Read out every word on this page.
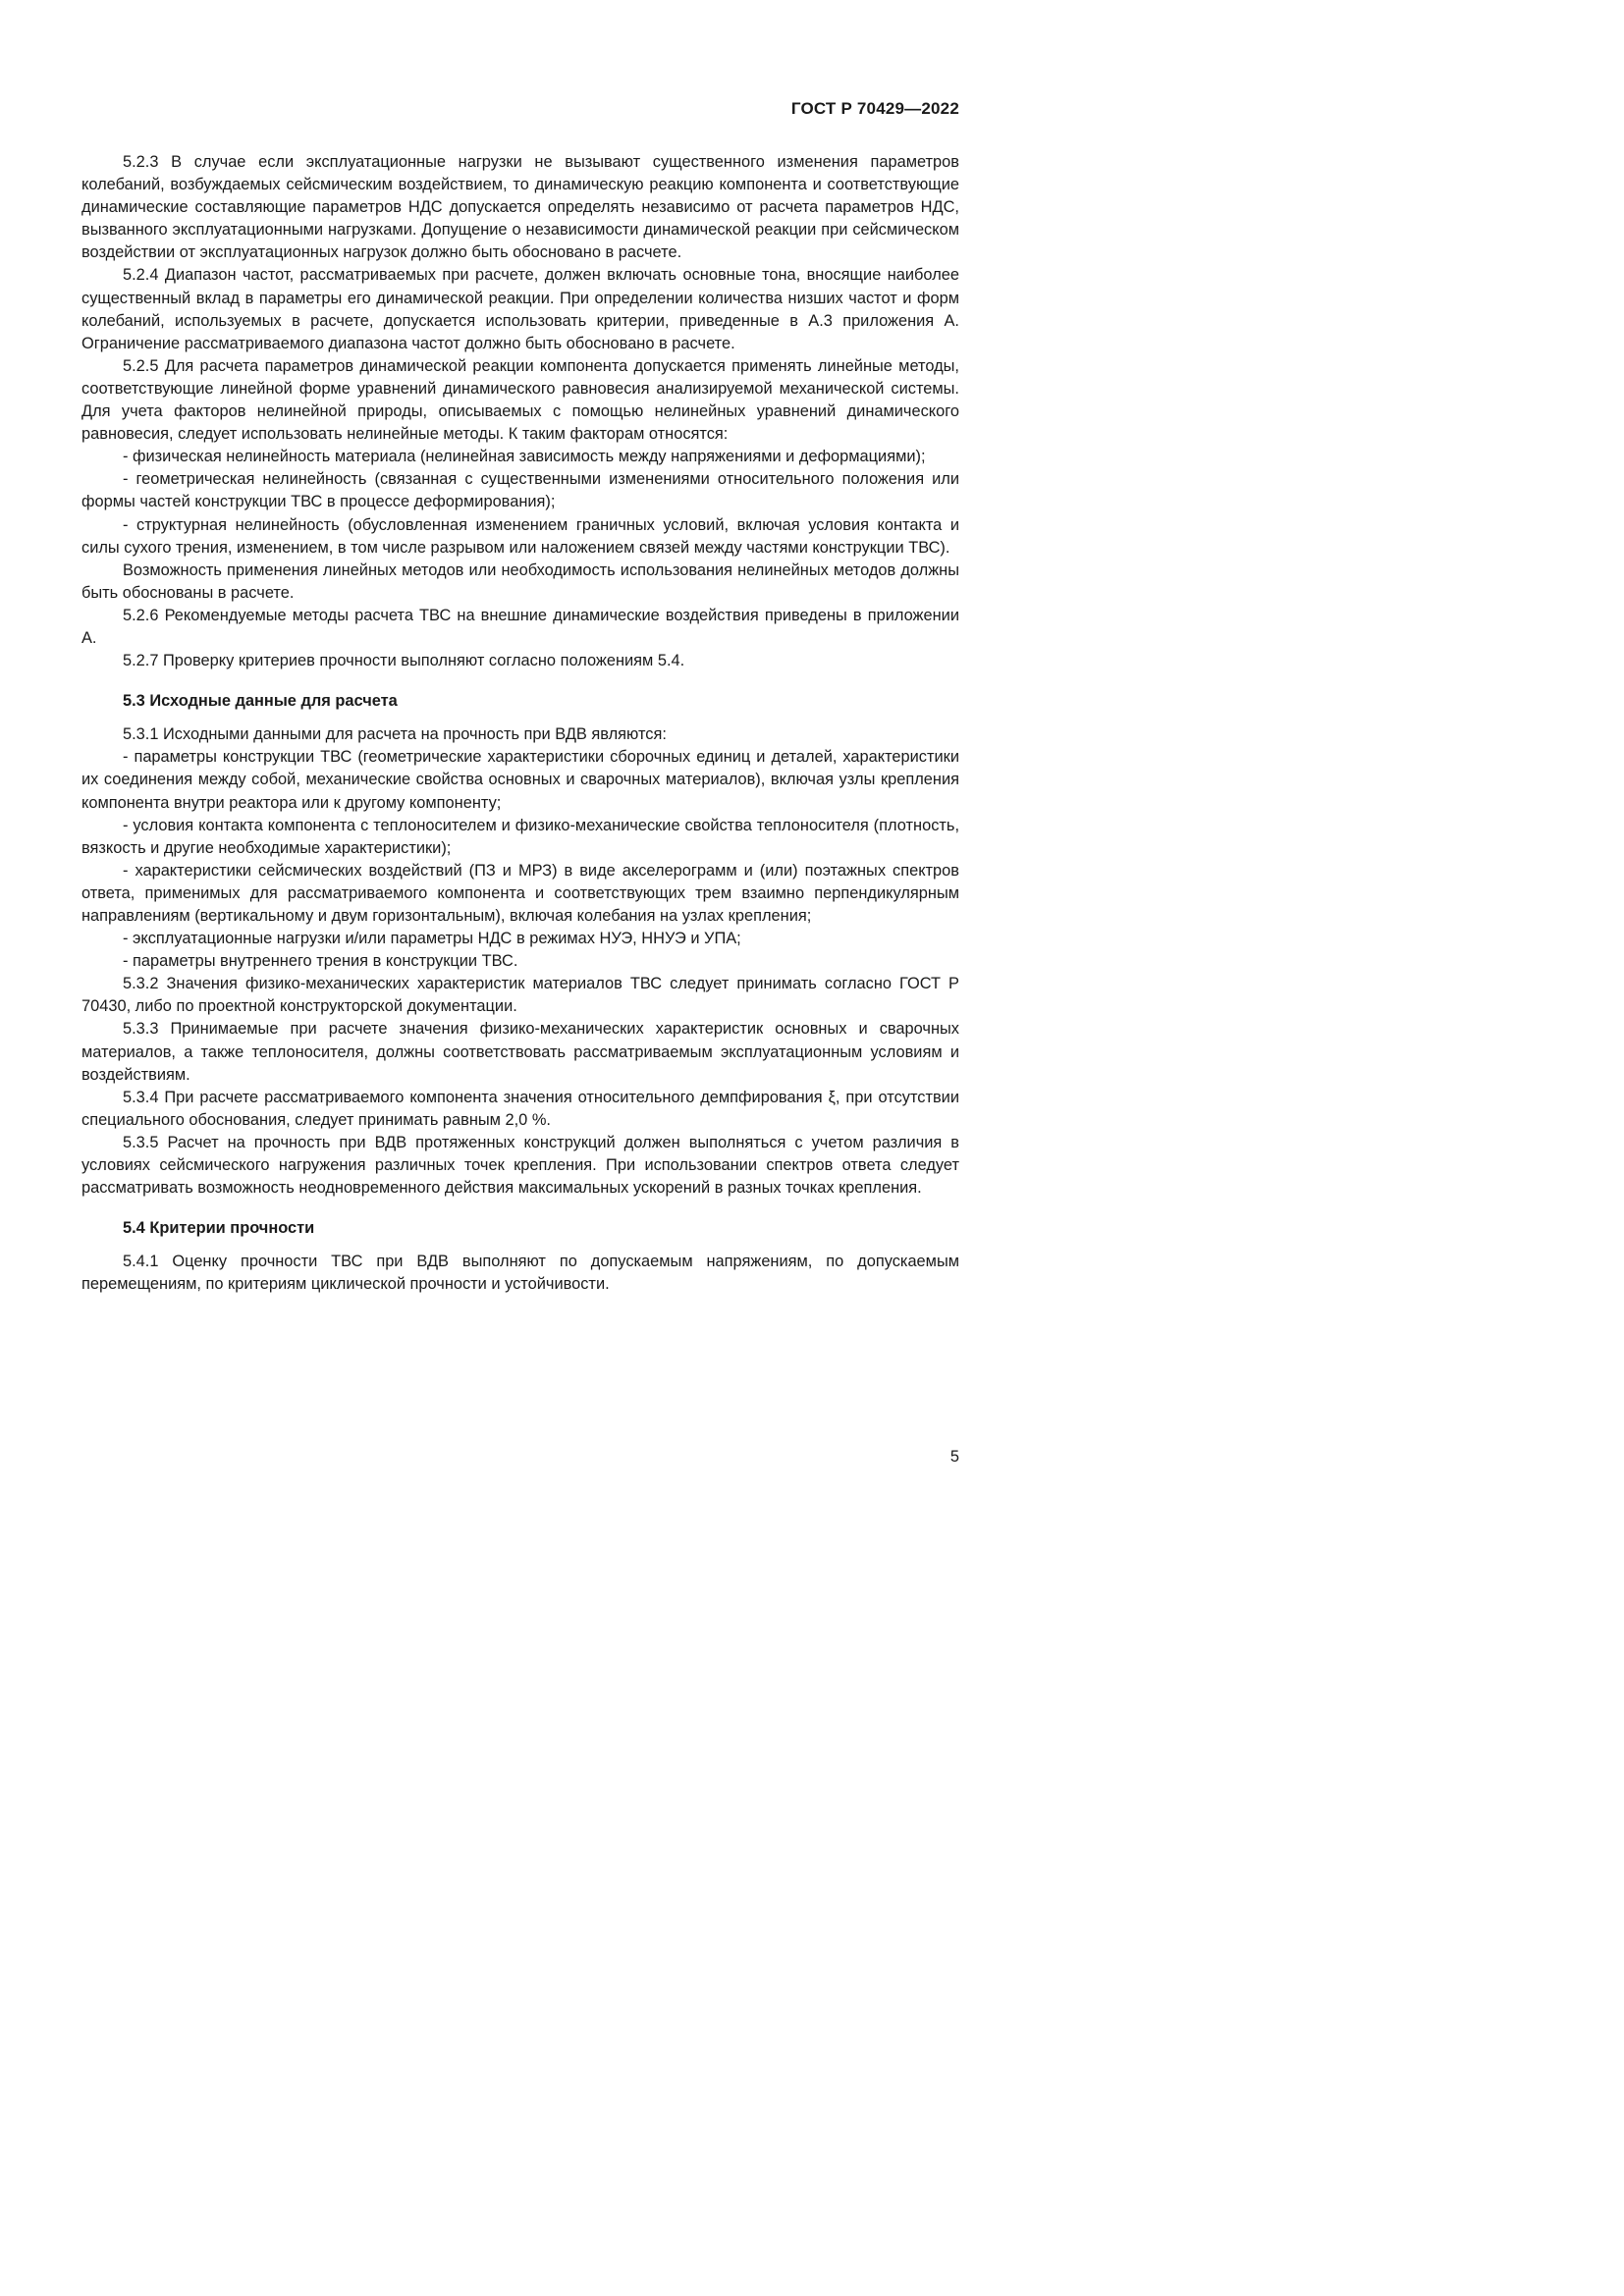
ГОСТ Р 70429—2022

5.2.3 В случае если эксплуатационные нагрузки не вызывают существенного изменения параметров колебаний, возбуждаемых сейсмическим воздействием, то динамическую реакцию компонента и соответствующие динамические составляющие параметров НДС допускается определять независимо от расчета параметров НДС, вызванного эксплуатационными нагрузками. Допущение о независимости динамической реакции при сейсмическом воздействии от эксплуатационных нагрузок должно быть обосновано в расчете.

5.2.4 Диапазон частот, рассматриваемых при расчете, должен включать основные тона, вносящие наиболее существенный вклад в параметры его динамической реакции. При определении количества низших частот и форм колебаний, используемых в расчете, допускается использовать критерии, приведенные в А.3 приложения А. Ограничение рассматриваемого диапазона частот должно быть обосновано в расчете.

5.2.5 Для расчета параметров динамической реакции компонента допускается применять линейные методы, соответствующие линейной форме уравнений динамического равновесия анализируемой механической системы. Для учета факторов нелинейной природы, описываемых с помощью нелинейных уравнений динамического равновесия, следует использовать нелинейные методы. К таким факторам относятся:

- физическая нелинейность материала (нелинейная зависимость между напряжениями и деформациями);

- геометрическая нелинейность (связанная с существенными изменениями относительного положения или формы частей конструкции ТВС в процессе деформирования);

- структурная нелинейность (обусловленная изменением граничных условий, включая условия контакта и силы сухого трения, изменением, в том числе разрывом или наложением связей между частями конструкции ТВС).

Возможность применения линейных методов или необходимость использования нелинейных методов должны быть обоснованы в расчете.

5.2.6 Рекомендуемые методы расчета ТВС на внешние динамические воздействия приведены в приложении А.

5.2.7 Проверку критериев прочности выполняют согласно положениям 5.4.

5.3 Исходные данные для расчета

5.3.1 Исходными данными для расчета на прочность при ВДВ являются:

- параметры конструкции ТВС (геометрические характеристики сборочных единиц и деталей, характеристики их соединения между собой, механические свойства основных и сварочных материалов), включая узлы крепления компонента внутри реактора или к другому компоненту;

- условия контакта компонента с теплоносителем и физико-механические свойства теплоносителя (плотность, вязкость и другие необходимые характеристики);

- характеристики сейсмических воздействий (ПЗ и МРЗ) в виде акселерограмм и (или) поэтажных спектров ответа, применимых для рассматриваемого компонента и соответствующих трем взаимно перпендикулярным направлениям (вертикальному и двум горизонтальным), включая колебания на узлах крепления;

- эксплуатационные нагрузки и/или параметры НДС в режимах НУЭ, ННУЭ и УПА;

- параметры внутреннего трения в конструкции ТВС.

5.3.2 Значения физико-механических характеристик материалов ТВС следует принимать согласно ГОСТ Р 70430, либо по проектной конструкторской документации.

5.3.3 Принимаемые при расчете значения физико-механических характеристик основных и сварочных материалов, а также теплоносителя, должны соответствовать рассматриваемым эксплуатационным условиям и воздействиям.

5.3.4 При расчете рассматриваемого компонента значения относительного демпфирования ξ, при отсутствии специального обоснования, следует принимать равным 2,0 %.

5.3.5 Расчет на прочность при ВДВ протяженных конструкций должен выполняться с учетом различия в условиях сейсмического нагружения различных точек крепления. При использовании спектров ответа следует рассматривать возможность неодновременного действия максимальных ускорений в разных точках крепления.

5.4 Критерии прочности

5.4.1 Оценку прочности ТВС при ВДВ выполняют по допускаемым напряжениям, по допускаемым перемещениям, по критериям циклической прочности и устойчивости.

5
